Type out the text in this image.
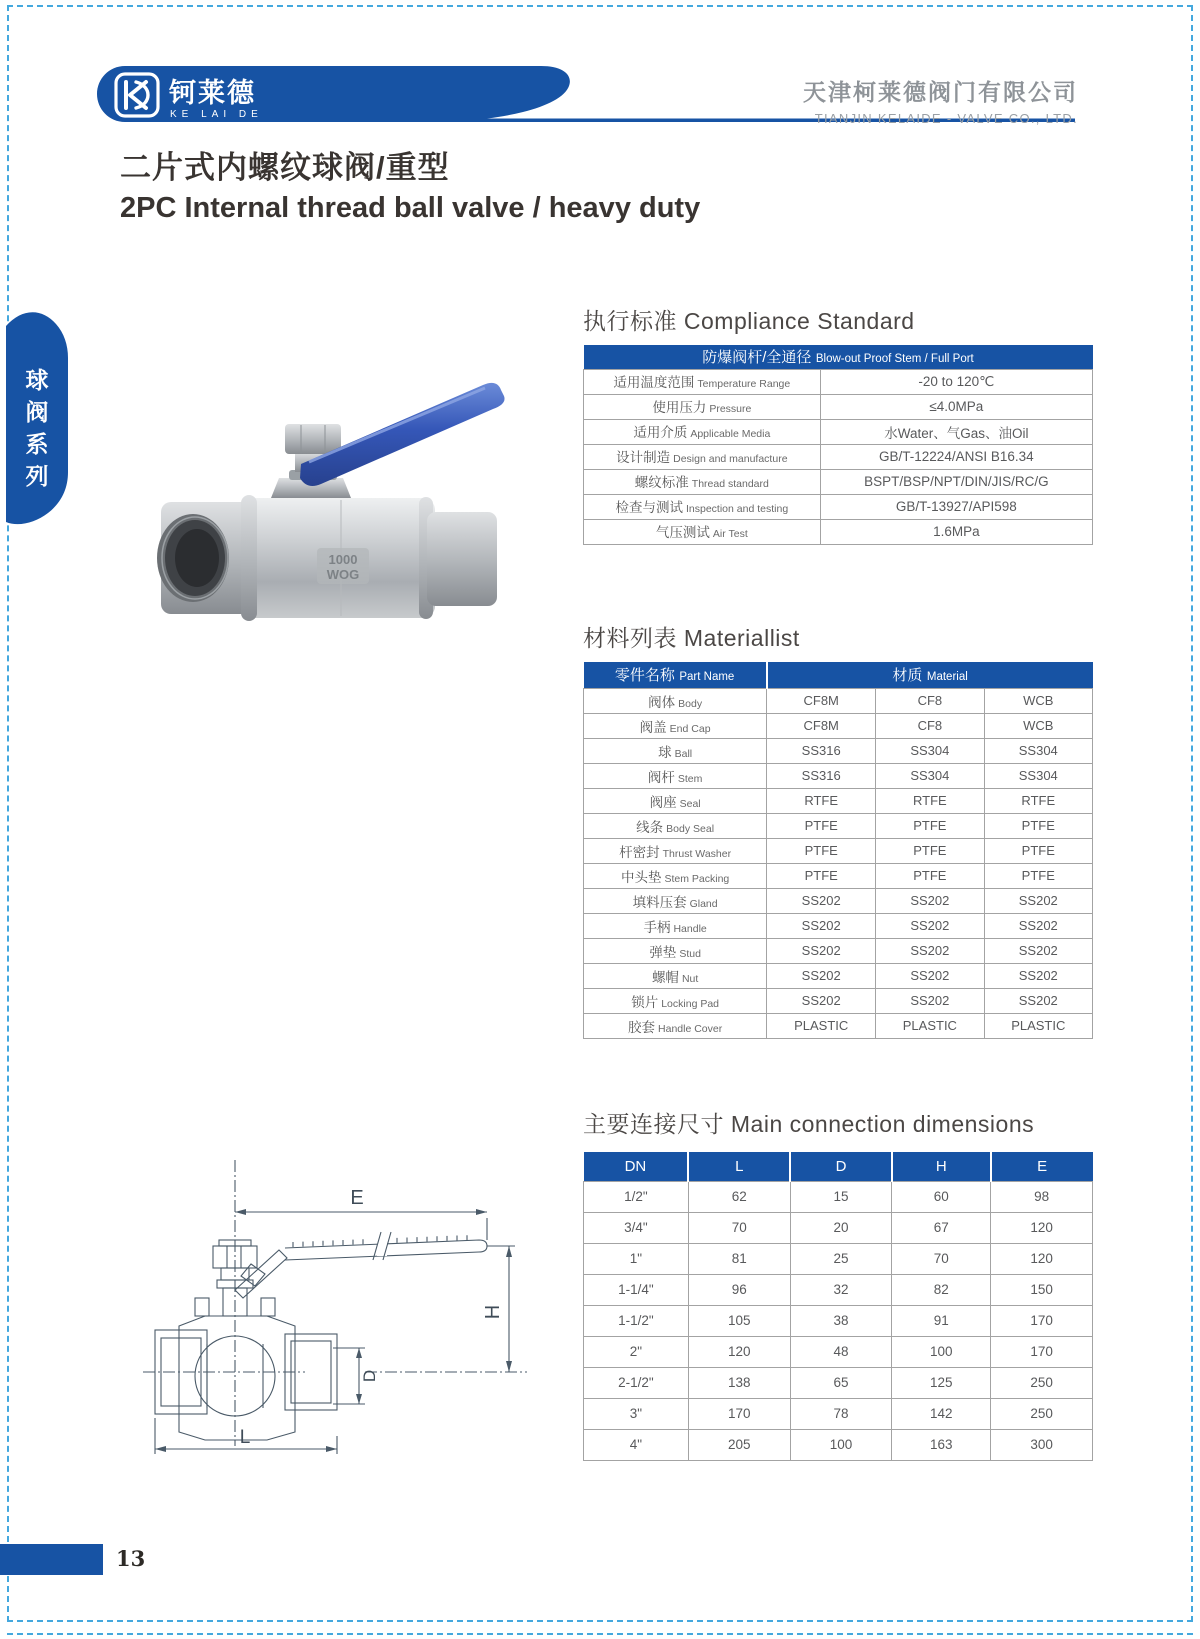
钶莱德
KE LAI DE
天津柯莱德阀门有限公司
TIANJIN KELAIDE - VALVE CO., LTD.
二片式内螺纹球阀/重型
2PC Internal thread ball valve / heavy duty
球
阀
系
列
1000
WOG
执行标准 Compliance Standard
防爆阀杆/全通径 Blow-out Proof Stem / Full Port	
适用温度范围 Temperature Range	-20 to 120℃
使用压力 Pressure	≤4.0MPa
适用介质 Applicable Media	水Water、气Gas、油Oil
设计制造 Design and manufacture	GB/T-12224/ANSI B16.34
螺纹标准 Thread standard	BSPT/BSP/NPT/DIN/JIS/RC/G
检查与测试 Inspection and testing	GB/T-13927/API598
气压测试 Air Test	1.6MPa
材料列表 Materiallist
零件名称 Part Name	材质 Material		
阀体 Body	CF8M	CF8	WCB
阀盖 End Cap	CF8M	CF8	WCB
球 Ball	SS316	SS304	SS304
阀杆 Stem	SS316	SS304	SS304
阀座 Seal	RTFE	RTFE	RTFE
线条 Body Seal	PTFE	PTFE	PTFE
杆密封 Thrust Washer	PTFE	PTFE	PTFE
中头垫 Stem Packing	PTFE	PTFE	PTFE
填料压套 Gland	SS202	SS202	SS202
手柄 Handle	SS202	SS202	SS202
弹垫 Stud	SS202	SS202	SS202
螺帽 Nut	SS202	SS202	SS202
锁片 Locking Pad	SS202	SS202	SS202
胶套 Handle Cover	PLASTIC	PLASTIC	PLASTIC
主要连接尺寸 Main connection dimensions
DN	L	D	H	E
1/2"	62	15	60	98
3/4"	70	20	67	120
1"	81	25	70	120
1-1/4"	96	32	82	150
1-1/2"	105	38	91	170
2"	120	48	100	170
2-1/2"	138	65	125	250
3"	170	78	142	250
4"	205	100	163	300
E
H
D
L
13
